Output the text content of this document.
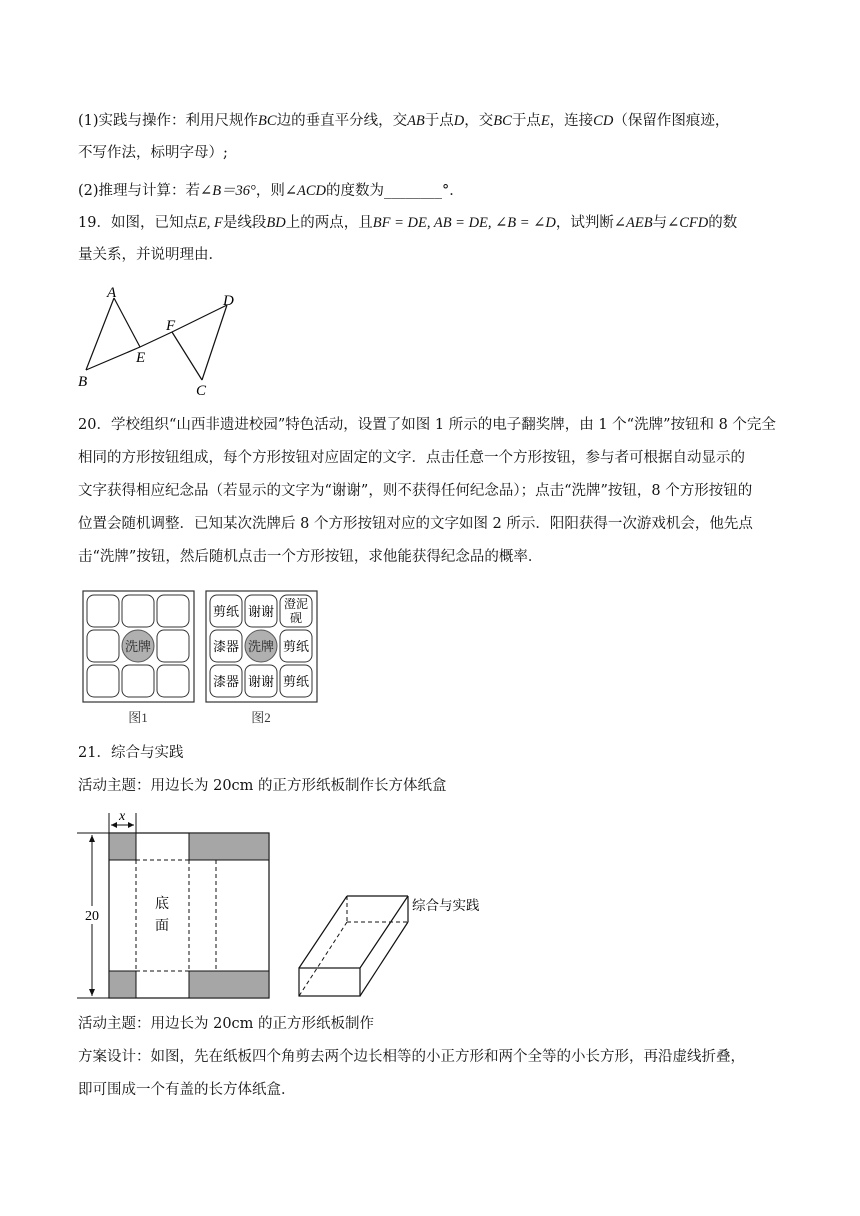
(1)实践与操作：利用尺规作BC边的垂直平分线，交AB于点D，交BC于点E，连接CD（保留作图痕迹，
不写作法，标明字母）;
(2)推理与计算：若∠B＝36°，则∠ACD的度数为________°．
19．如图，已知点E, F是线段BD上的两点，且BF = DE, AB = DE, ∠B = ∠D，试判断∠AEB与∠CFD的数
量关系，并说明理由．
A
B
E
F
D
C
20．学校组织“山西非遗进校园”特色活动，设置了如图 1 所示的电子翻奖牌，由 1 个“洗牌”按钮和 8 个完全
相同的方形按钮组成，每个方形按钮对应固定的文字．点击任意一个方形按钮，参与者可根据自动显示的
文字获得相应纪念品（若显示的文字为“谢谢”，则不获得任何纪念品）；点击“洗牌”按钮，8 个方形按钮的
位置会随机调整．已知某次洗牌后 8 个方形按钮对应的文字如图 2 所示．阳阳获得一次游戏机会，他先点
击“洗牌”按钮，然后随机点击一个方形按钮，求他能获得纪念品的概率．
洗牌
图1
剪纸 谢谢
澄泥
砚
漆器 洗牌 剪纸
漆器 谢谢 剪纸
图2
21．综合与实践
活动主题：用边长为 20cm 的正方形纸板制作长方体纸盒
x
20
底
面
综合与实践
活动主题：用边长为 20cm 的正方形纸板制作
方案设计：如图，先在纸板四个角剪去两个边长相等的小正方形和两个全等的小长方形，再沿虚线折叠，
即可围成一个有盖的长方体纸盒．
